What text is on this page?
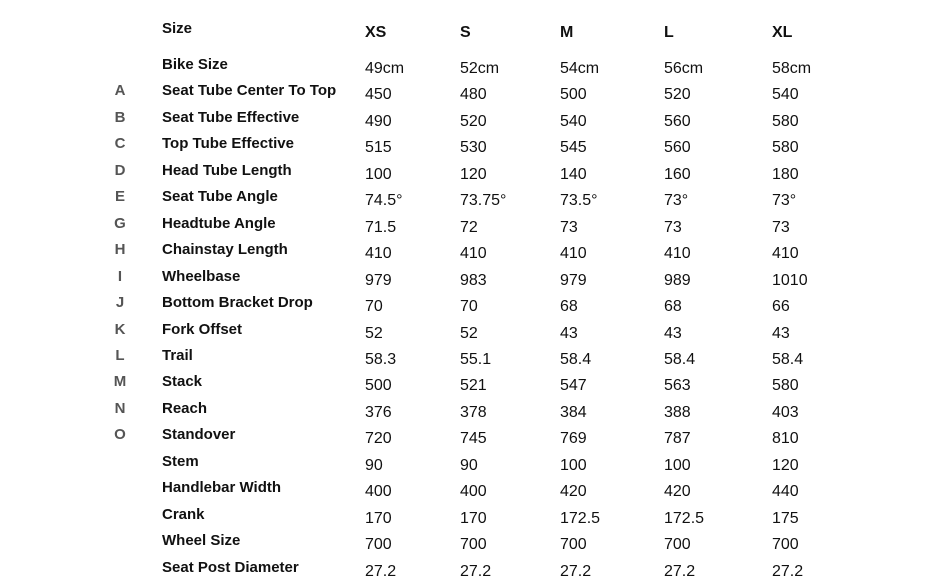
Size	XS	S	M	L	XL
Bike Size	49cm	52cm	54cm	56cm	58cm
A Seat Tube Center To Top 450	480	500	520	540
B Seat Tube Effective	490	520	540	560	580
C Top Tube Effective	515	530	545	560	580
D Head Tube Length	100	120	140	160	180
E Seat Tube Angle	74.5°	73.75°	73.5°	73°	73°
G Headtube Angle	71.5	72	73	73	73
H Chainstay Length	410	410	410	410	410
I	Wheelbase	979	983	979	989	1010
J	Bottom Bracket Drop	70	70	68	68	66
K Fork Offset	52	52	43	43	43
L Trail	58.3	55.1	58.4	58.4	58.4
M Stack	500	521	547	563	580
N Reach	376	378	384	388	403
O Standover	720	745	769	787	810
Stem	90	90	100	100	120
Handlebar Width	400	400	420	420	440
Crank	170	170	172.5	172.5	175
Wheel Size	700	700	700	700	700
Seat Post Diameter	27.2	27.2	27.2	27.2	27.2
